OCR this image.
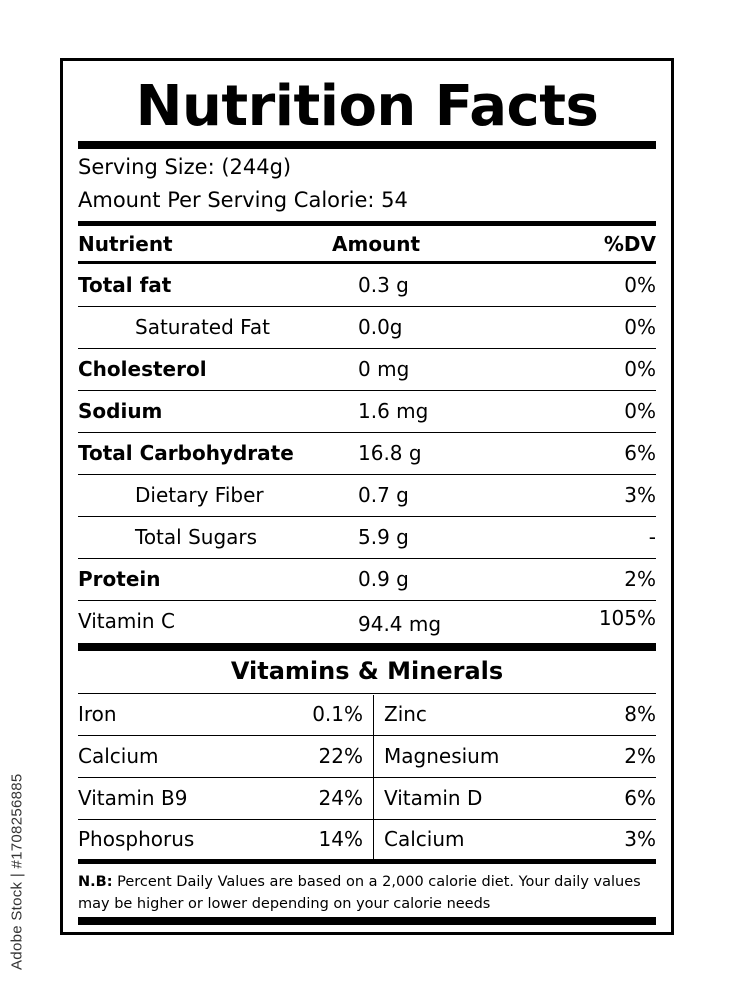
Adobe Stock | #1708256885
Nutrition Facts
Serving Size: (244g)
Amount Per Serving Calorie: 54
Nutrient	Amount	%DV
Total fat	0.3 g	0%
Saturated Fat	0.0g	0%
Cholesterol	0 mg	0%
Sodium	1.6 mg	0%
Total Carbohydrate	16.8 g	6%
Dietary Fiber	0.7 g	3%
Total Sugars	5.9 g	-
Protein	0.9 g	2%
Vitamin C	94.4 mg	105%
Vitamins & Minerals
Iron	0.1% Zinc	8%
Calcium	22% Magnesium	2%
Vitamin B9	24% Vitamin D	6%
Phosphorus	14% Calcium	3%
N.B: Percent Daily Values are based on a 2,000 calorie diet. Your daily values may be higher or lower depending on your calorie needs
